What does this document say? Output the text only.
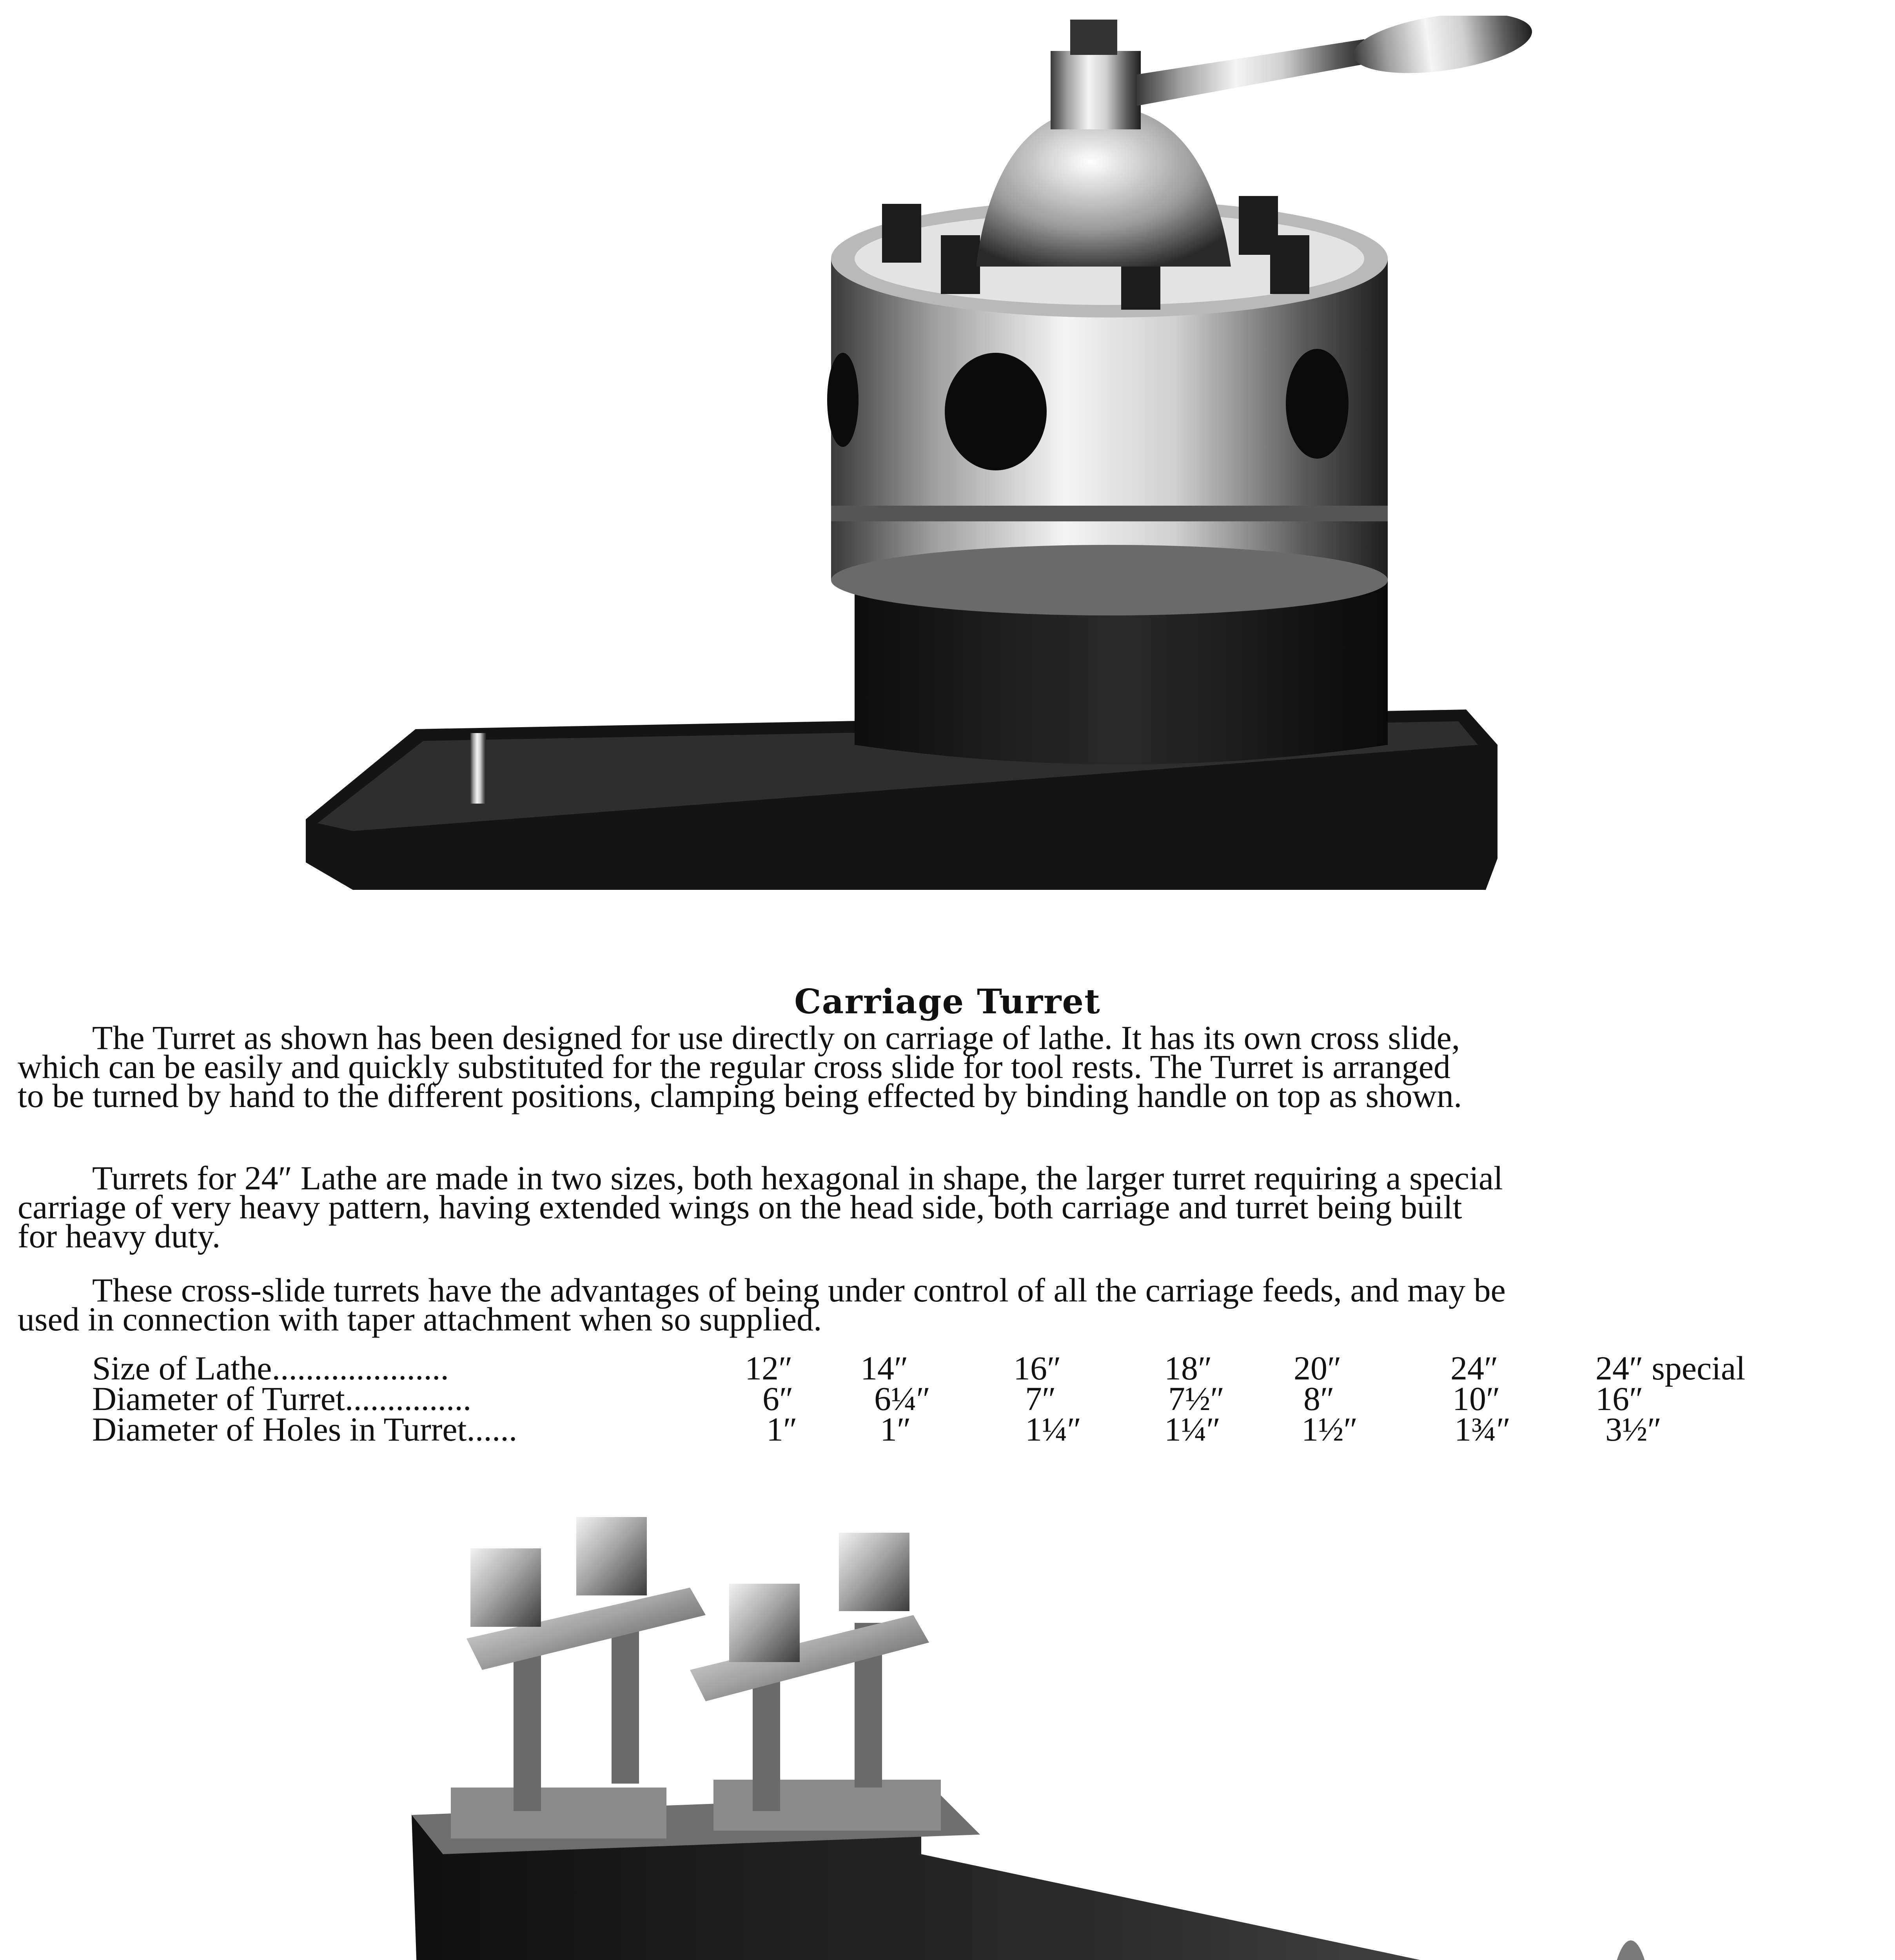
Carriage Turret
The Turret as shown has been designed for use directly on carriage of lathe. It has its own cross slide,
which can be easily and quickly substituted for the regular cross slide for tool rests. The Turret is arranged
to be turned by hand to the different positions, clamping being effected by binding handle on top as shown.
Turrets for 24″ Lathe are made in two sizes, both hexagonal in shape, the larger turret requiring a special
carriage of very heavy pattern, having extended wings on the head side, both carriage and turret being built
for heavy duty.
These cross-slide turrets have the advantages of being under control of all the carriage feeds, and may be
used in connection with taper attachment when so supplied.
Size of Lathe.....................	12″ 14″	16″	18″ 20″	24″	24″ special
Diameter of Turret...............	6″ 6¼″	7″	7½″ 8″	10″	16″
Diameter of Holes in Turret......	1″ 1″	1¼″ 1¼″ 1½″	1¾″	3½″
